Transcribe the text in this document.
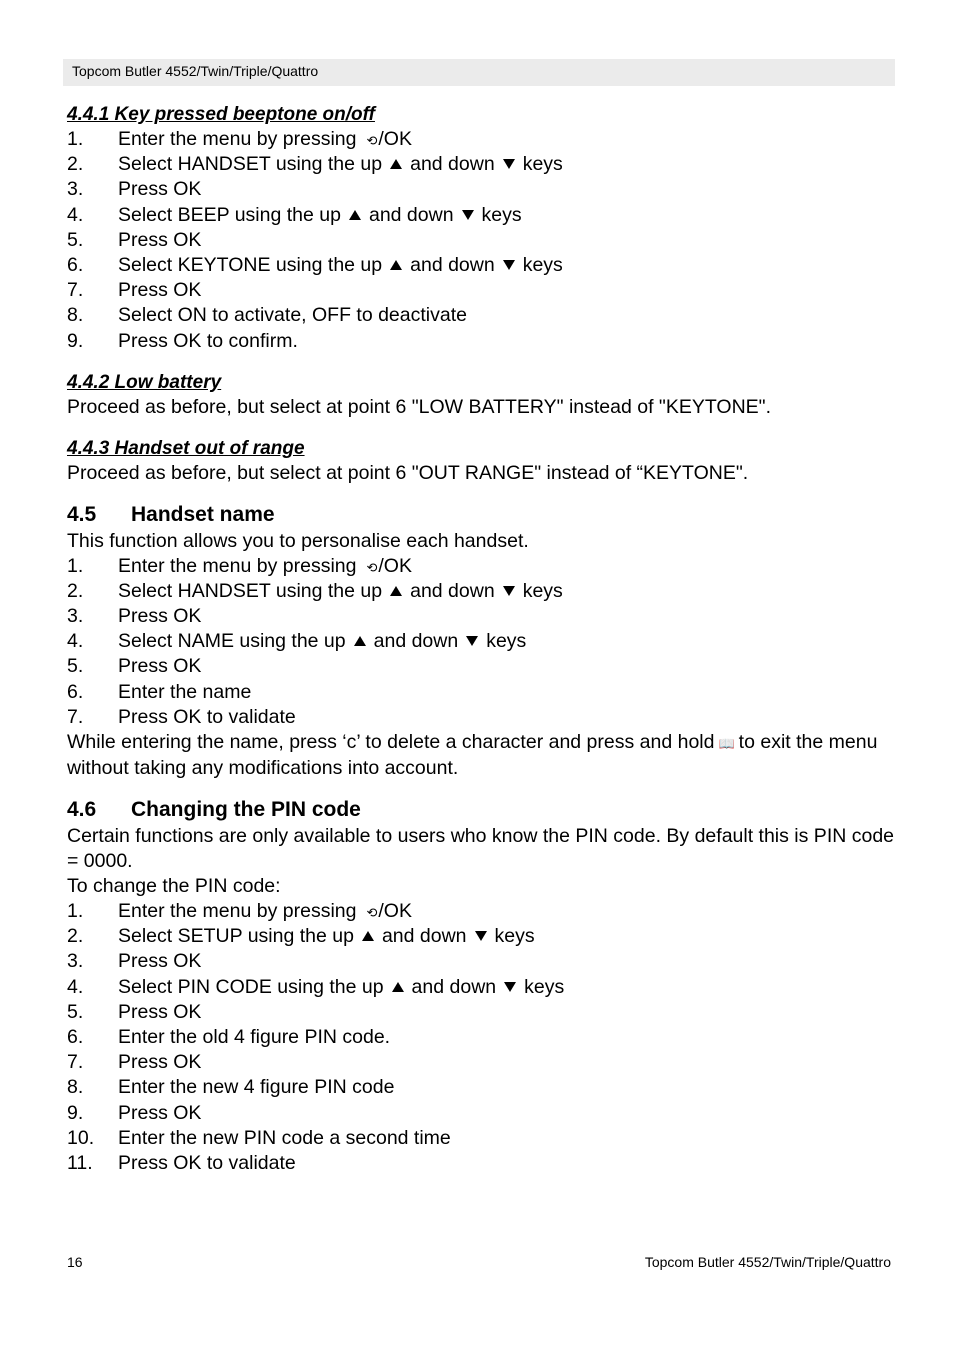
Topcom Butler 4552/Twin/Triple/Quattro

4.4.1 Key pressed beeptone on/off

1. Enter the menu by pressing ⟲/OK
2. Select HANDSET using the up and down keys
3. Press OK
4. Select BEEP using the up and down keys
5. Press OK
6. Select KEYTONE using the up and down keys
7. Press OK
8. Select ON to activate, OFF to deactivate
9. Press OK to confirm.

4.4.2 Low battery

Proceed as before, but select at point 6 "LOW BATTERY" instead of "KEYTONE".

4.4.3 Handset out of range

Proceed as before, but select at point 6 "OUT RANGE" instead of “KEYTONE".

4.5 Handset name

This function allows you to personalise each handset.

1. Enter the menu by pressing ⟲/OK
2. Select HANDSET using the up and down keys
3. Press OK
4. Select NAME using the up and down keys
5. Press OK
6. Enter the name
7. Press OK to validate

While entering the name, press ‘c’ to delete a character and press and hold 📖 to exit the menu without taking any modifications into account.

4.6 Changing the PIN code

Certain functions are only available to users who know the PIN code. By default this is PIN code = 0000.

To change the PIN code:

1. Enter the menu by pressing ⟲/OK
2. Select SETUP using the up and down keys
3. Press OK
4. Select PIN CODE using the up and down keys
5. Press OK
6. Enter the old 4 figure PIN code.
7. Press OK
8. Enter the new 4 figure PIN code
9. Press OK
10. Enter the new PIN code a second time
11. Press OK to validate
16	Topcom Butler 4552/Twin/Triple/Quattro
